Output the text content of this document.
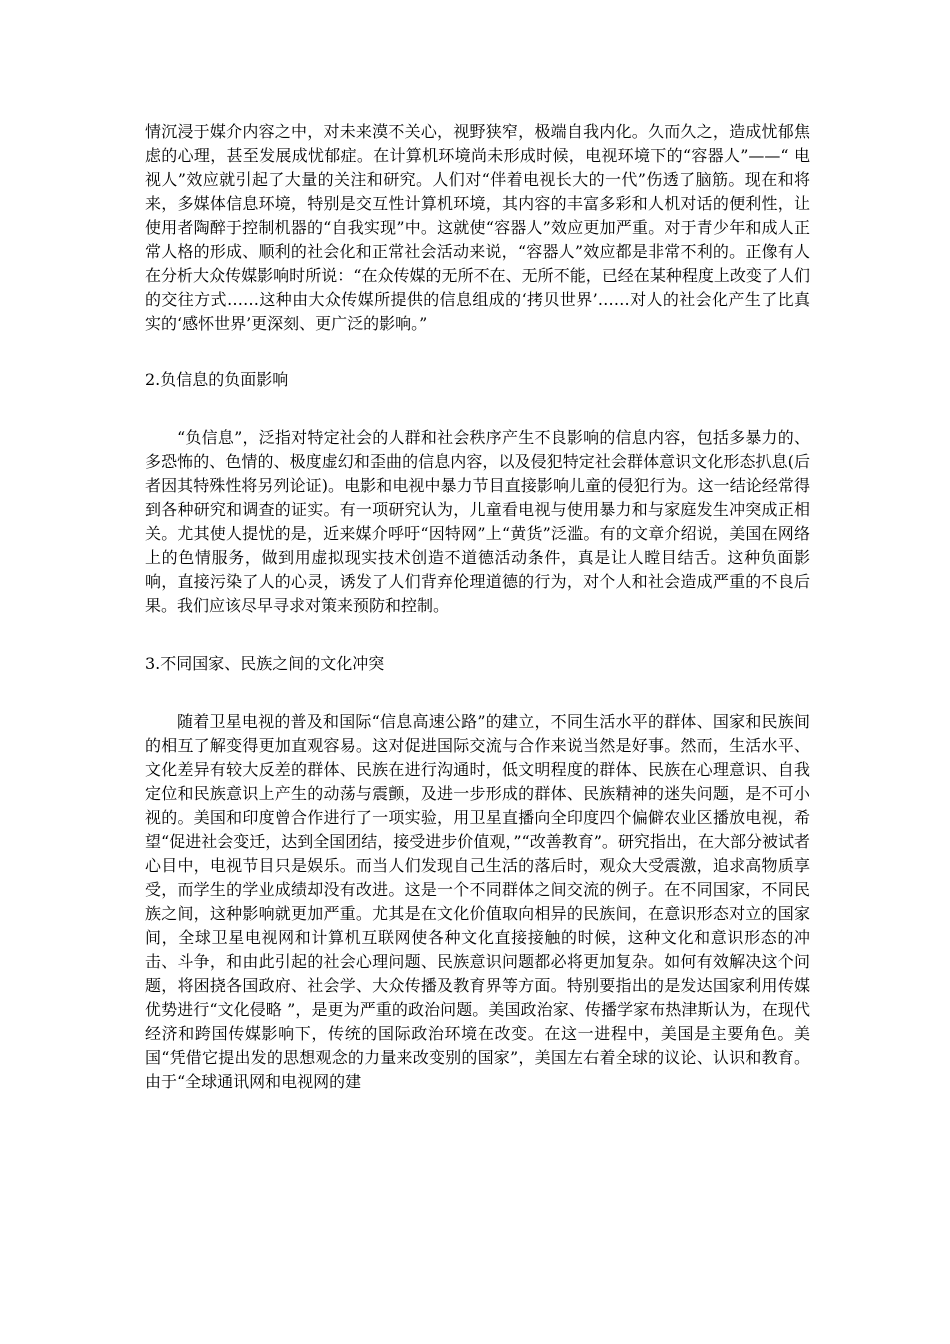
情沉浸于媒介内容之中，对未来漠不关心，视野狭窄，极端自我内化。久而久之，造成忧郁焦虑的心理，甚至发展成忧郁症。在计算机环境尚未形成时候，电视环境下的“容器人”——“ 电视人”效应就引起了大量的关注和研究。人们对“伴着电视长大的一代”伤透了脑筋。现在和将来，多媒体信息环境，特别是交互性计算机环境，其内容的丰富多彩和人机对话的便利性，让使用者陶醉于控制机器的“自我实现”中。这就使“容器人”效应更加严重。对于青少年和成人正常人格的形成、顺利的社会化和正常社会活动来说，“容器人”效应都是非常不利的。正像有人在分析大众传媒影响时所说：“在众传媒的无所不在、无所不能，已经在某种程度上改变了人们的交往方式……这种由大众传媒所提供的信息组成的‘拷贝世界’……对人的社会化产生了比真实的‘感怀世界’更深刻、更广泛的影响。”

2.负信息的负面影响

“负信息”，泛指对特定社会的人群和社会秩序产生不良影响的信息内容，包括多暴力的、多恐怖的、色情的、极度虚幻和歪曲的信息内容，以及侵犯特定社会群体意识文化形态扒息(后者因其特殊性将另列论证)。电影和电视中暴力节目直接影响儿童的侵犯行为。这一结论经常得到各种研究和调查的证实。有一项研究认为，儿童看电视与使用暴力和与家庭发生冲突成正相关。尤其使人提忧的是，近来媒介呼吁“因特网”上“黄货”泛滥。有的文章介绍说，美国在网络上的色情服务，做到用虚拟现实技术创造不道德活动条件，真是让人瞠目结舌。这种负面影响，直接污染了人的心灵，诱发了人们背弃伦理道德的行为，对个人和社会造成严重的不良后果。我们应该尽早寻求对策来预防和控制。

3.不同国家、民族之间的文化冲突

随着卫星电视的普及和国际“信息高速公路”的建立，不同生活水平的群体、国家和民族间的相互了解变得更加直观容易。这对促进国际交流与合作来说当然是好事。然而，生活水平、文化差异有较大反差的群体、民族在进行沟通时，低文明程度的群体、民族在心理意识、自我定位和民族意识上产生的动荡与震颤，及进一步形成的群体、民族精神的迷失问题，是不可小视的。美国和印度曾合作进行了一项实验，用卫星直播向全印度四个偏僻农业区播放电视，希望“促进社会变迁，达到全国团结，接受进步价值观，”“改善教育”。研究指出，在大部分被试者心目中，电视节目只是娱乐。而当人们发现自己生活的落后时，观众大受震激，追求高物质享受，而学生的学业成绩却没有改进。这是一个不同群体之间交流的例子。在不同国家，不同民族之间，这种影响就更加严重。尤其是在文化价值取向相异的民族间，在意识形态对立的国家间，全球卫星电视网和计算机互联网使各种文化直接接触的时候，这种文化和意识形态的冲击、斗争，和由此引起的社会心理问题、民族意识问题都必将更加复杂。如何有效解决这个问题，将困挠各国政府、社会学、大众传播及教育界等方面。特别要指出的是发达国家利用传媒优势进行“文化侵略 ”，是更为严重的政治问题。美国政治家、传播学家布热津斯认为，在现代经济和跨国传媒影响下，传统的国际政治环境在改变。在这一进程中，美国是主要角色。美国“凭借它提出发的思想观念的力量来改变别的国家”，美国左右着全球的议论、认识和教育。由于“全球通讯网和电视网的建
